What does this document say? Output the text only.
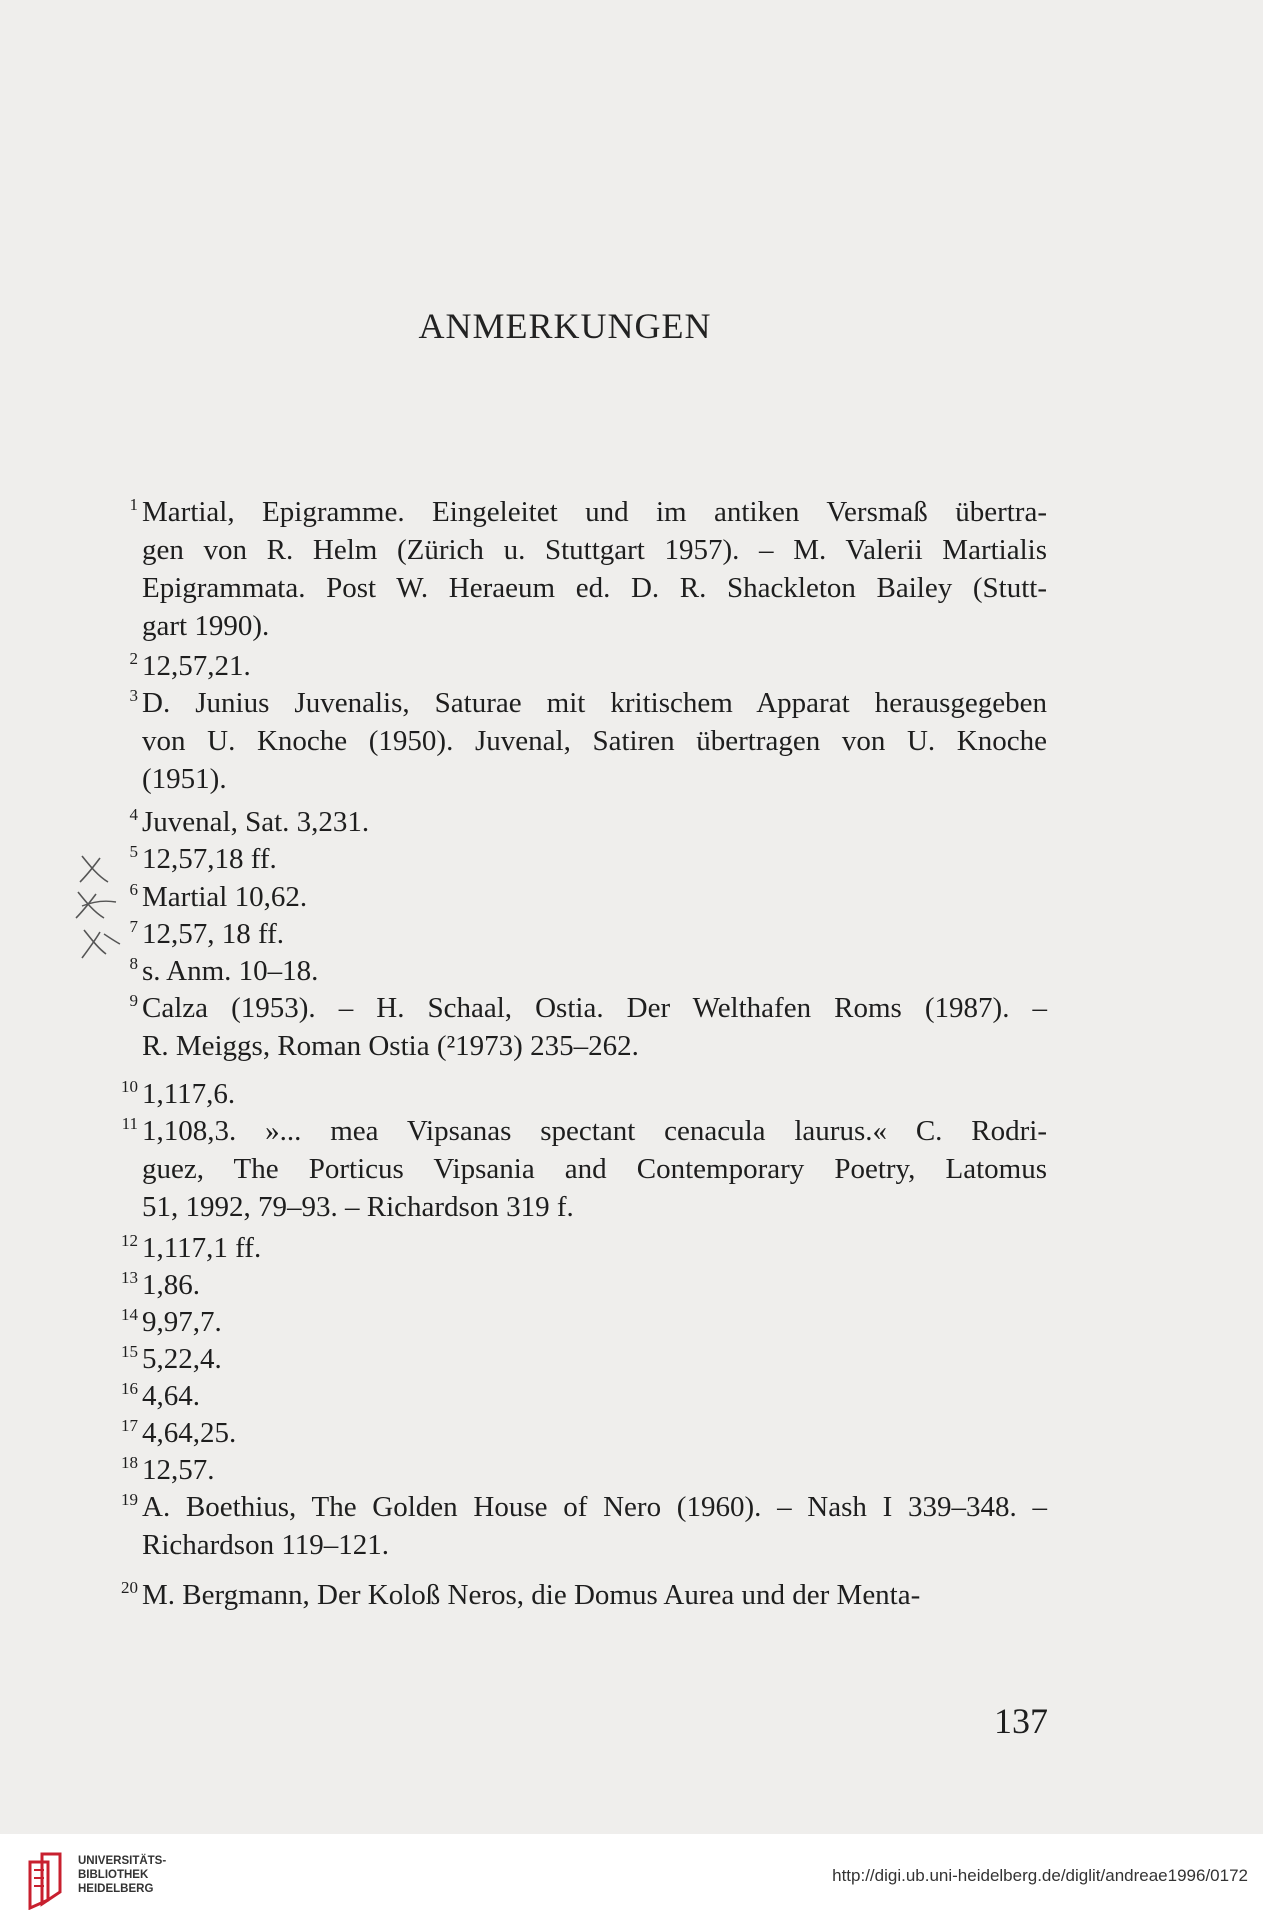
ANMERKUNGEN
1 Martial, Epigramme. Eingeleitet und im antiken Versmaß übertra-
gen von R. Helm (Zürich u. Stuttgart 1957). – M. Valerii Martialis
Epigrammata. Post W. Heraeum ed. D. R. Shackleton Bailey (Stutt-
gart 1990).
2 12,57,21.
3 D. Junius Juvenalis, Saturae mit kritischem Apparat herausgegeben
von U. Knoche (1950). Juvenal, Satiren übertragen von U. Knoche
(1951).
4 Juvenal, Sat. 3,231.
5 12,57,18 ff.
6 Martial 10,62.
7 12,57, 18 ff.
8 s. Anm. 10–18.
9 Calza (1953). – H. Schaal, Ostia. Der Welthafen Roms (1987). –
R. Meiggs, Roman Ostia (²1973) 235–262.
10 1,117,6.
11 1,108,3. »... mea Vipsanas spectant cenacula laurus.« C. Rodri-
guez, The Porticus Vipsania and Contemporary Poetry, Latomus
51, 1992, 79–93. – Richardson 319 f.
12 1,117,1 ff.
13 1,86.
14 9,97,7.
15 5,22,4.
16 4,64.
17 4,64,25.
18 12,57.
19 A. Boethius, The Golden House of Nero (1960). – Nash I 339–348. –
Richardson 119–121.
20 M. Bergmann, Der Koloß Neros, die Domus Aurea und der Menta-
137
UNIVERSITÄTS-
BIBLIOTHEK
HEIDELBERG
http://digi.ub.uni-heidelberg.de/diglit/andreae1996/0172
